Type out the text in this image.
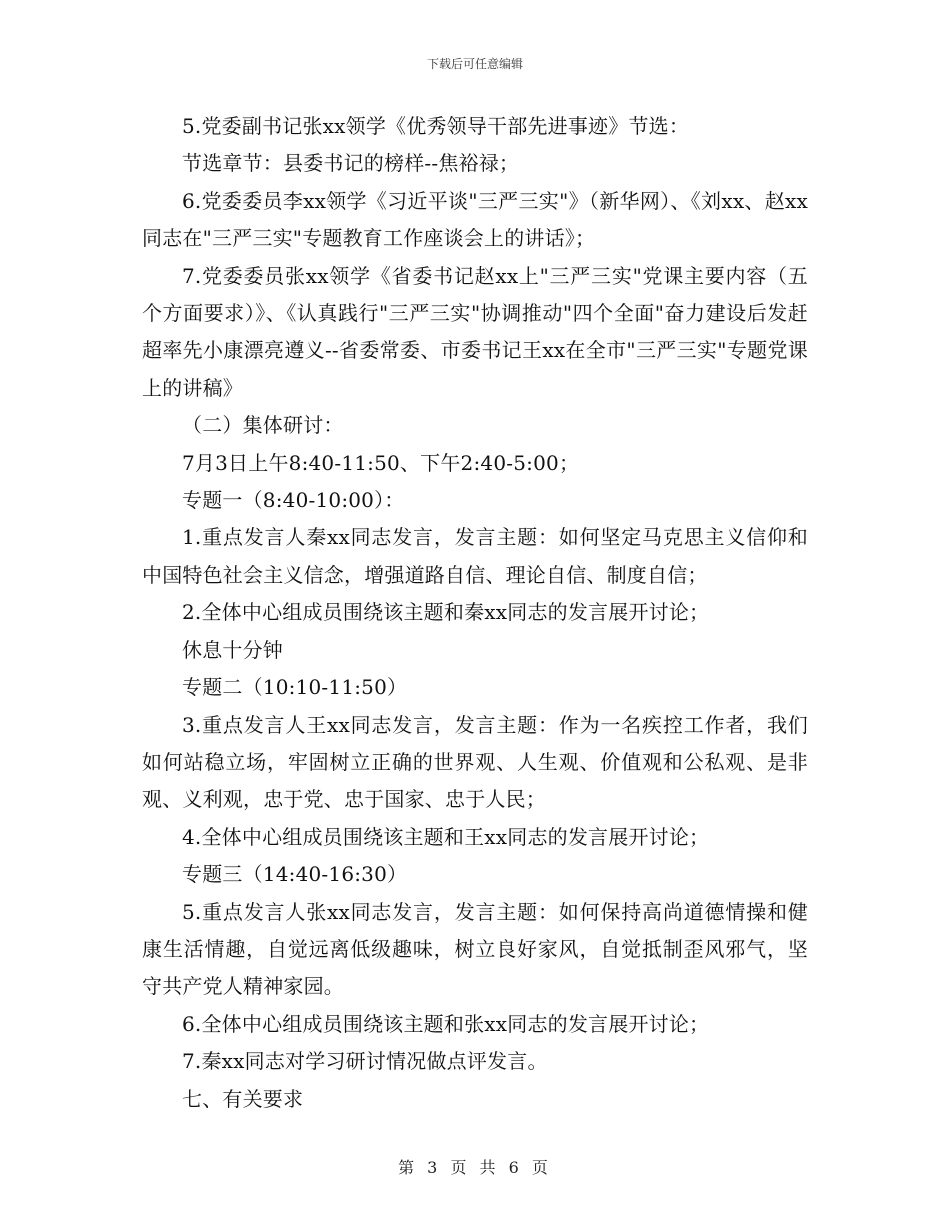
下载后可任意编辑

5.党委副书记张xx领学《优秀领导干部先进事迹》节选：

节选章节：县委书记的榜样--焦裕禄；

6.党委委员李xx领学《习近平谈"三严三实"》（新华网）、《刘xx、赵xx同志在"三严三实"专题教育工作座谈会上的讲话》；

7.党委委员张xx领学《省委书记赵xx上"三严三实"党课主要内容（五个方面要求）》、《认真践行"三严三实"协调推动"四个全面"奋力建设后发赶超率先小康漂亮遵义--省委常委、市委书记王xx在全市"三严三实"专题党课上的讲稿》

（二）集体研讨：

7月3日上午8:40-11:50、下午2:40-5:00；

专题一（8:40-10:00）：

1.重点发言人秦xx同志发言，发言主题：如何坚定马克思主义信仰和中国特色社会主义信念，增强道路自信、理论自信、制度自信；

2.全体中心组成员围绕该主题和秦xx同志的发言展开讨论；

休息十分钟

专题二（10:10-11:50）

3.重点发言人王xx同志发言，发言主题：作为一名疾控工作者，我们如何站稳立场，牢固树立正确的世界观、人生观、价值观和公私观、是非观、义利观，忠于党、忠于国家、忠于人民；

4.全体中心组成员围绕该主题和王xx同志的发言展开讨论；

专题三（14:40-16:30）

5.重点发言人张xx同志发言，发言主题：如何保持高尚道德情操和健康生活情趣，自觉远离低级趣味，树立良好家风，自觉抵制歪风邪气，坚守共产党人精神家园。

6.全体中心组成员围绕该主题和张xx同志的发言展开讨论；

7.秦xx同志对学习研讨情况做点评发言。

七、有关要求

第 3 页 共 6 页
